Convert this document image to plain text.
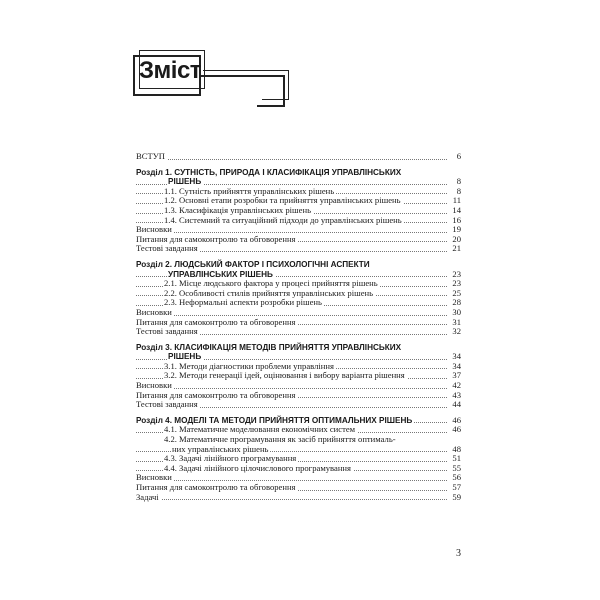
Зміст
ВСТУП	6
Розділ 1. СУТНІСТЬ, ПРИРОДА І КЛАСИФІКАЦІЯ УПРАВЛІНСЬКИХ
РІШЕНЬ	8
1.1. Сутність прийняття управлінських рішень	8
1.2. Основні етапи розробки та прийняття управлінських рішень	11
1.3. Класифікація управлінських рішень	14
1.4. Системний та ситуаційний підходи до управлінських рішень	16
Висновки	19
Питання для самоконтролю та обговорення	20
Тестові завдання	21
Розділ 2. ЛЮДСЬКИЙ ФАКТОР І ПСИХОЛОГІЧНІ АСПЕКТИ
УПРАВЛІНСЬКИХ РІШЕНЬ	23
2.1. Місце людського фактора у процесі прийняття рішень	23
2.2. Особливості стилів прийняття управлінських рішень	25
2.3. Неформальні аспекти розробки рішень	28
Висновки	30
Питання для самоконтролю та обговорення	31
Тестові завдання	32
Розділ 3. КЛАСИФІКАЦІЯ МЕТОДІВ ПРИЙНЯТТЯ УПРАВЛІНСЬКИХ
РІШЕНЬ	34
3.1. Методи діагностики проблеми управління	34
3.2. Методи генерації ідей, оцінювання і вибору варіанта рішення	37
Висновки	42
Питання для самоконтролю та обговорення	43
Тестові завдання	44
Розділ 4. МОДЕЛІ ТА МЕТОДИ ПРИЙНЯТТЯ ОПТИМАЛЬНИХ РІШЕНЬ	46
4.1. Математичне моделювання економічних систем	46
4.2. Математичне програмування як засіб прийняття оптималь-
них управлінських рішень	48
4.3. Задачі лінійного програмування	51
4.4. Задачі лінійного цілочислового програмування	55
Висновки	56
Питання для самоконтролю та обговорення	57
Задачі	59
3
